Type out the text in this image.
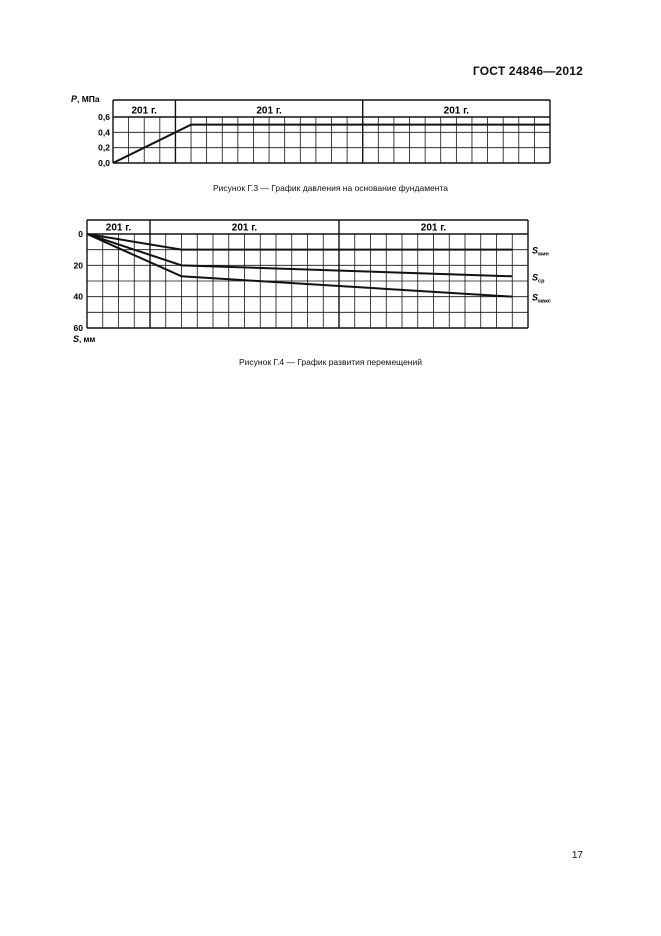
ГОСТ 24846—2012
P , МПа
0,6
0,4
0,2
0,0
201 г.	201 г.	201 г.
Рисунок Г.3 — График давления на основание фундамента
0
20
40
60
201 г.	201 г.	201 г.
$S_{мин}$
$S_{ср}$
$S_{макс}$
S , мм
Рисунок Г.4 — График развития перемещений
17
